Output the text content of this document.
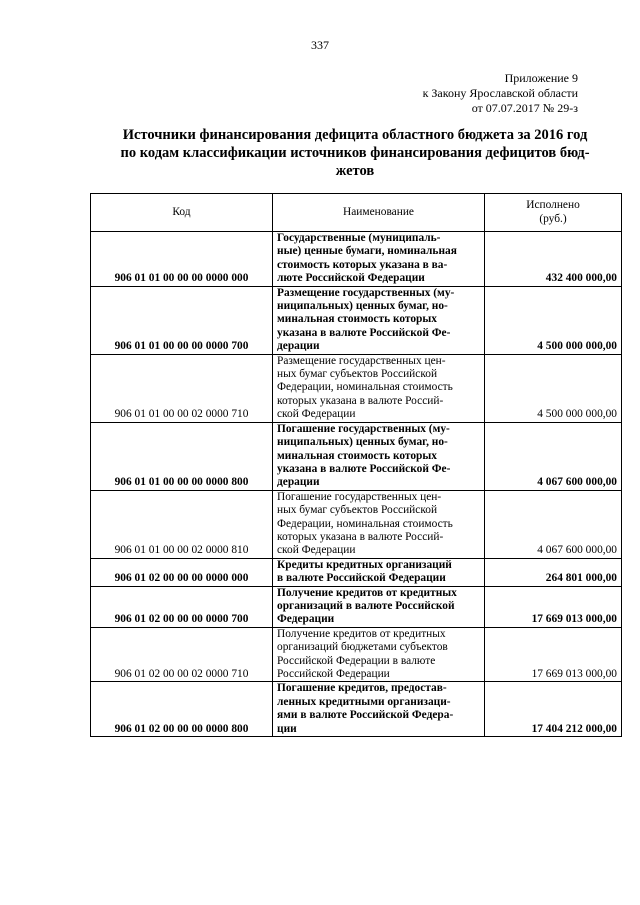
337
Приложение 9
к Закону Ярославской области
от 07.07.2017 № 29-з
Источники финансирования дефицита областного бюджета за 2016 год
по кодам классификации источников финансирования дефицитов бюд-
жетов
Код	Наименование	Исполнено
(руб.)

906 01 01 00 00 00 0000 000	Государственные (муниципаль-
ные) ценные бумаги, номинальная
стоимость которых указана в ва-
люте Российской Федерации	432 400 000,00
906 01 01 00 00 00 0000 700	Размещение государственных (му-
ниципальных) ценных бумаг, но-
минальная стоимость которых
указана в валюте Российской Фе-
дерации	4 500 000 000,00
906 01 01 00 00 02 0000 710	Размещение государственных цен-
ных бумаг субъектов Российской
Федерации, номинальная стоимость
которых указана в валюте Россий-
ской Федерации	4 500 000 000,00
906 01 01 00 00 00 0000 800	Погашение государственных (му-
ниципальных) ценных бумаг, но-
минальная стоимость которых
указана в валюте Российской Фе-
дерации	4 067 600 000,00
906 01 01 00 00 02 0000 810	Погашение государственных цен-
ных бумаг субъектов Российской
Федерации, номинальная стоимость
которых указана в валюте Россий-
ской Федерации	4 067 600 000,00
906 01 02 00 00 00 0000 000	Кредиты кредитных организаций
в валюте Российской Федерации	264 801 000,00
906 01 02 00 00 00 0000 700	Получение кредитов от кредитных
организаций в валюте Российской
Федерации	17 669 013 000,00
906 01 02 00 00 02 0000 710	Получение кредитов от кредитных
организаций бюджетами субъектов
Российской Федерации в валюте
Российской Федерации	17 669 013 000,00
906 01 02 00 00 00 0000 800	Погашение кредитов, предостав-
ленных кредитными организаци-
ями в валюте Российской Федера-
ции	17 404 212 000,00
